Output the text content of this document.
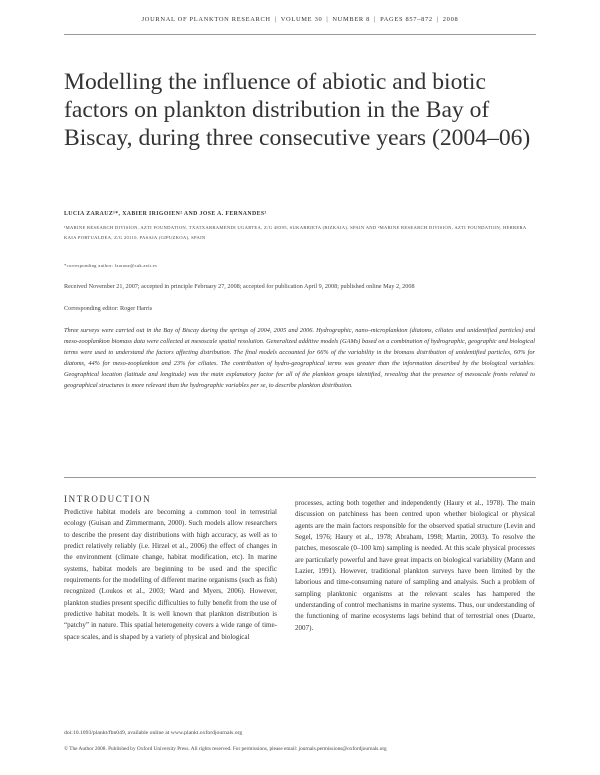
JOURNAL OF PLANKTON RESEARCH | VOLUME 30 | NUMBER 8 | PAGES 857–872 | 2008
Modelling the influence of abiotic and biotic factors on plankton distribution in the Bay of Biscay, during three consecutive years (2004–06)
LUCIA ZARAUZ¹*, XABIER IRIGOIEN² AND JOSE A. FERNANDES²
¹MARINE RESEARCH DIVISION, AZTI FOUNDATION, TXATXARRAMENDI UGARTEA, Z/G 48395, SUKARRIETA (BIZKAIA), SPAIN AND ²MARINE RESEARCH DIVISION, AZTI FOUNDATION, HERRERA KAIA PORTUALDEA, Z/G 20110, PASAIA (GIPUZKOA), SPAIN
*corresponding author: lzarauz@suk.azti.es
Received November 21, 2007; accepted in principle February 27, 2008; accepted for publication April 9, 2008; published online May 2, 2008
Corresponding editor: Roger Harris
Three surveys were carried out in the Bay of Biscay during the springs of 2004, 2005 and 2006. Hydrographic, nano–microplankton (diatoms, ciliates and unidentified particles) and meso-zooplankton biomass data were collected at mesoscale spatial resolution. Generalized additive models (GAMs) based on a combination of hydrographic, geographic and biological terms were used to understand the factors affecting distribution. The final models accounted for 66% of the variability in the biomass distribution of unidentified particles, 60% for diatoms, 44% for meso-zooplankton and 23% for ciliates. The contribution of hydro-geographical terms was greater than the information described by the biological variables. Geographical location (latitude and longitude) was the main explanatory factor for all of the plankton groups identified, revealing that the presence of mesoscale fronts related to geographical structures is more relevant than the hydrographic variables per se, to describe plankton distribution.
INTRODUCTION

Predictive habitat models are becoming a common tool in terrestrial ecology (Guisan and Zimmermann, 2000). Such models allow researchers to describe the present day distributions with high accuracy, as well as to predict relatively reliably (i.e. Hirzel et al., 2006) the effect of changes in the environment (climate change, habitat modification, etc). In marine systems, habitat models are beginning to be used and the specific requirements for the modelling of different marine organisms (such as fish) recognized (Loukos et al., 2003; Ward and Myers, 2006). However, plankton studies present specific difficulties to fully benefit from the use of predictive habitat models. It is well known that plankton distribution is “patchy” in nature. This spatial heterogeneity covers a wide range of time-space scales, and is shaped by a variety of physical and biological

processes, acting both together and independently (Haury et al., 1978). The main discussion on patchiness has been centred upon whether biological or physical agents are the main factors responsible for the observed spatial structure (Levin and Segel, 1976; Haury et al., 1978; Abraham, 1998; Martin, 2003). To resolve the patches, mesoscale (0–100 km) sampling is needed. At this scale physical processes are particularly powerful and have great impacts on biological variability (Mann and Lazier, 1991). However, traditional plankton surveys have been limited by the laborious and time-consuming nature of sampling and analysis. Such a problem of sampling planktonic organisms at the relevant scales has hampered the understanding of control mechanisms in marine systems. Thus, our understanding of the functioning of marine ecosystems lags behind that of terrestrial ones (Duarte, 2007).

doi:10.1093/plankt/fbn049, available online at www.plankt.oxfordjournals.org
© The Author 2008. Published by Oxford University Press. All rights reserved. For permissions, please email: journals.permissions@oxfordjournals.org
